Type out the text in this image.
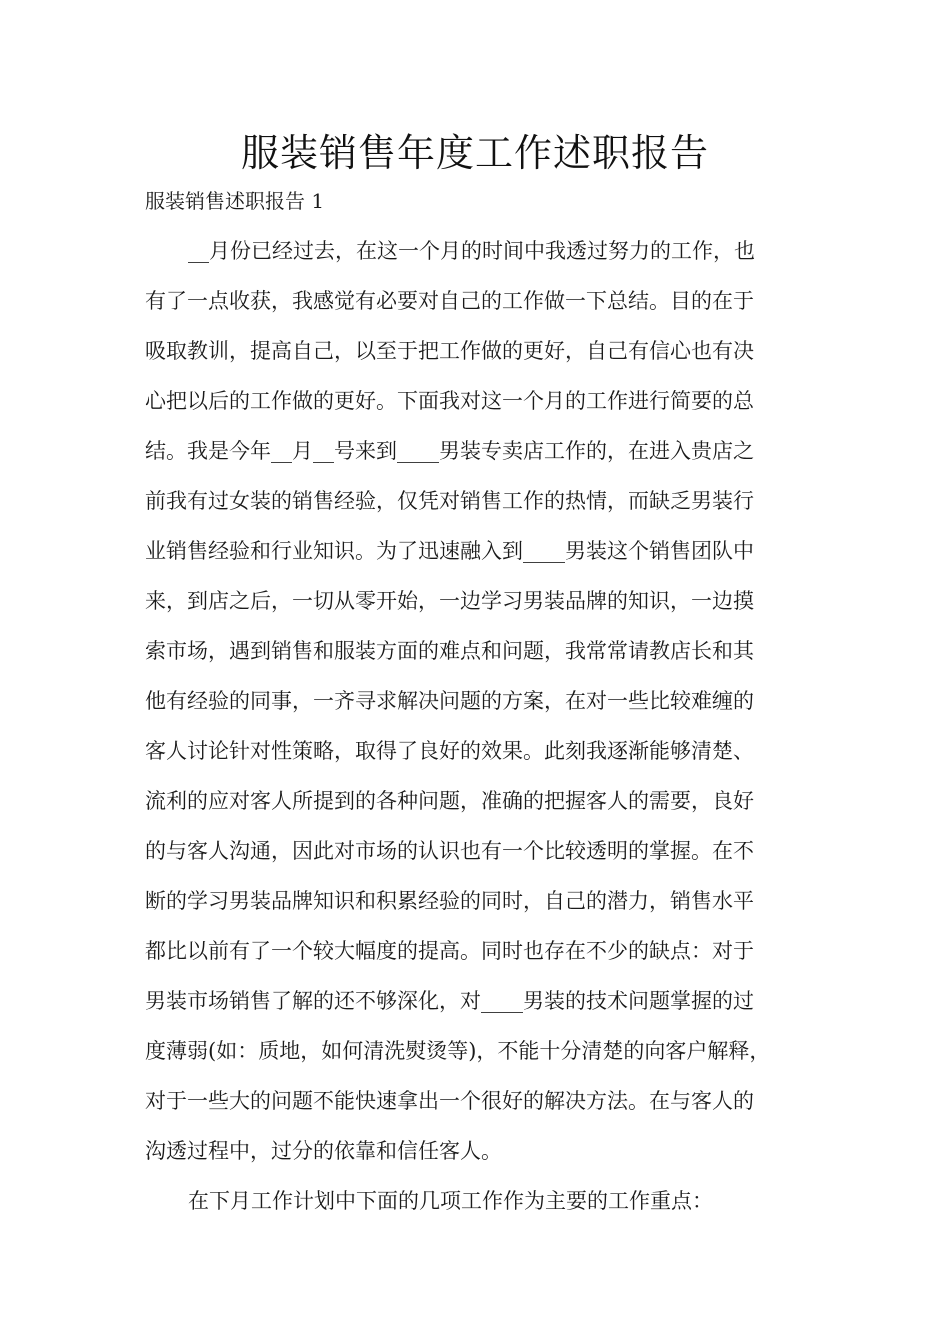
服装销售年度工作述职报告
服装销售述职报告 1
__月份已经过去，在这一个月的时间中我透过努力的工作，也
有了一点收获，我感觉有必要对自己的工作做一下总结。目的在于
吸取教训，提高自己，以至于把工作做的更好，自己有信心也有决
心把以后的工作做的更好。下面我对这一个月的工作进行简要的总
结。我是今年__月__号来到____男装专卖店工作的，在进入贵店之
前我有过女装的销售经验，仅凭对销售工作的热情，而缺乏男装行
业销售经验和行业知识。为了迅速融入到____男装这个销售团队中
来，到店之后，一切从零开始，一边学习男装品牌的知识，一边摸
索市场，遇到销售和服装方面的难点和问题，我常常请教店长和其
他有经验的同事，一齐寻求解决问题的方案，在对一些比较难缠的
客人讨论针对性策略，取得了良好的效果。此刻我逐渐能够清楚、
流利的应对客人所提到的各种问题，准确的把握客人的需要，良好
的与客人沟通，因此对市场的认识也有一个比较透明的掌握。在不
断的学习男装品牌知识和积累经验的同时，自己的潜力，销售水平
都比以前有了一个较大幅度的提高。同时也存在不少的缺点：对于
男装市场销售了解的还不够深化，对____男装的技术问题掌握的过
度薄弱(如：质地，如何清洗熨烫等)，不能十分清楚的向客户解释，
对于一些大的问题不能快速拿出一个很好的解决方法。在与客人的
沟透过程中，过分的依靠和信任客人。
在下月工作计划中下面的几项工作作为主要的工作重点：
